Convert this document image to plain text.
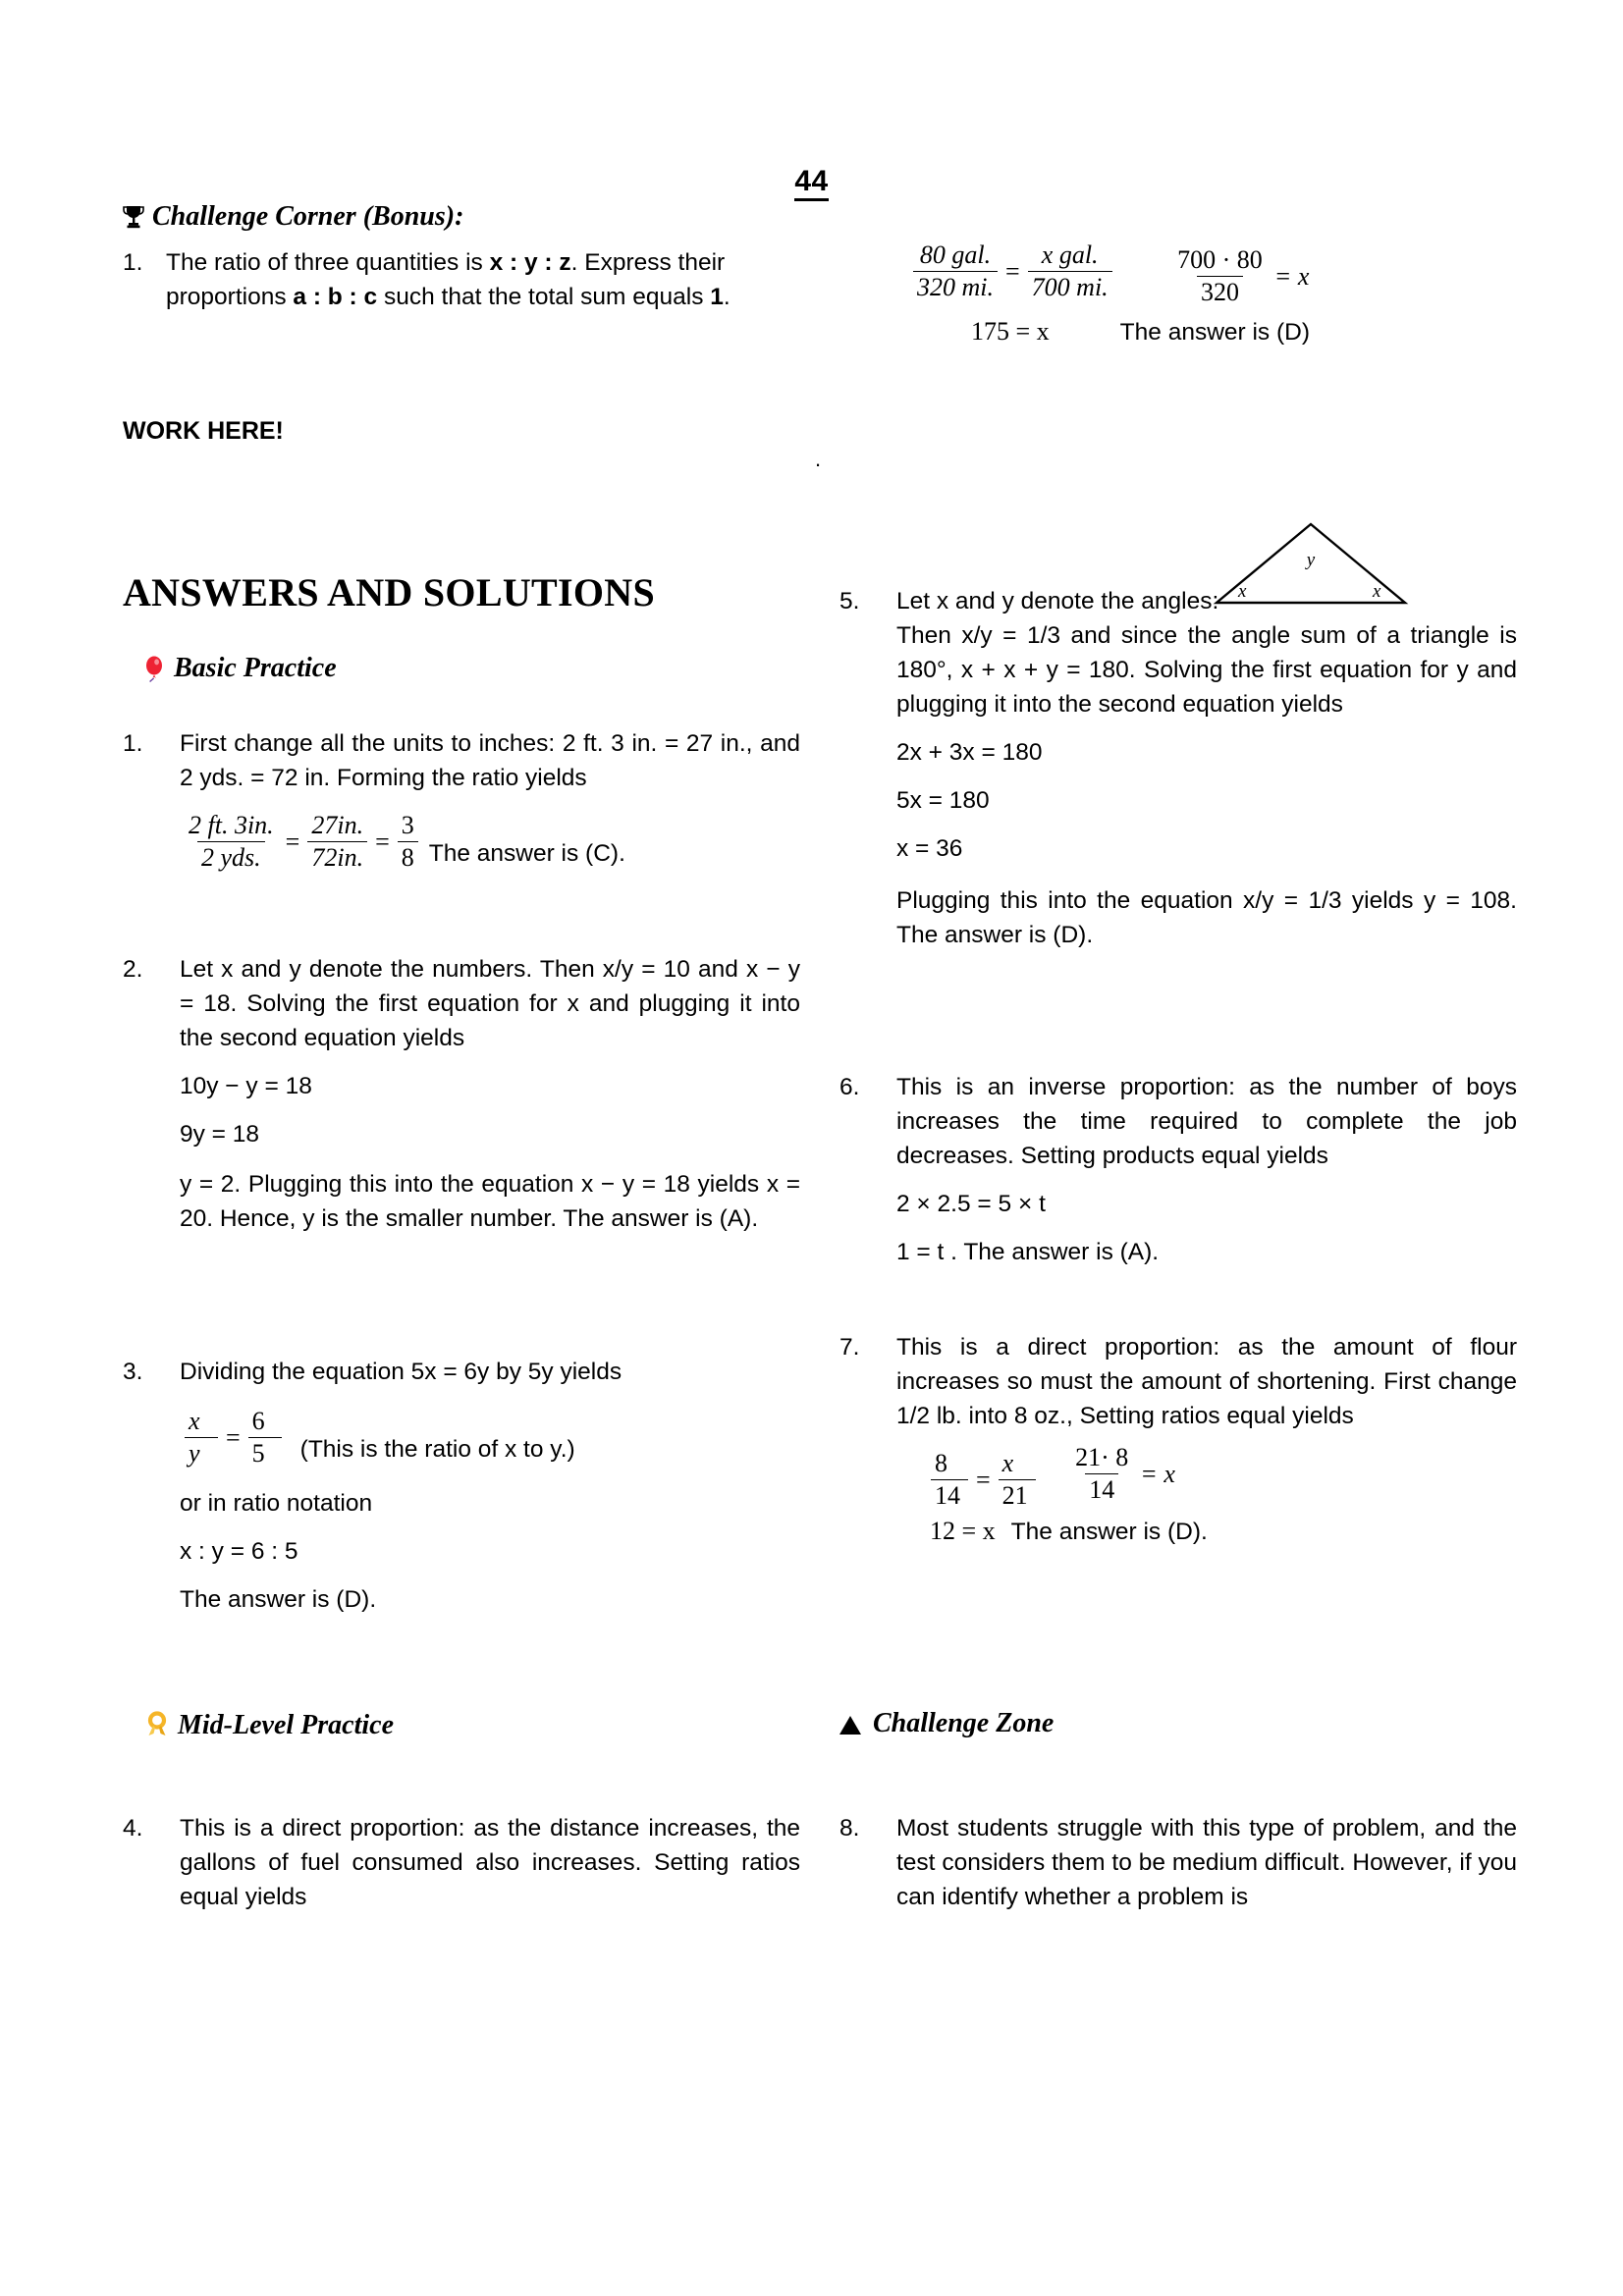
44
Challenge Corner (Bonus):
1. The ratio of three quantities is x : y : z. Express their proportions a : b : c such that the total sum equals 1.
WORK HERE!
ANSWERS AND SOLUTIONS
Basic Practice
1.	First change all the units to inches: 2 ft. 3 in. = 27 in., and 2 yds. = 72 in. Forming the ratio yields
$\frac{2 ft. 3in.}{\text{2 yds.}} = \frac{27in.}{72in.} = \frac{3}{8}$ The answer is (C).
2.	Let x and y denote the numbers. Then x/y = 10 and x − y = 18. Solving the first equation for x and plugging it into the second equation yields
10y − y = 18
9y = 18
y = 2. Plugging this into the equation x − y = 18 yields x = 20. Hence, y is the smaller number. The answer is (A).
3.	Dividing the equation 5x = 6y by 5y yields
$\frac{x}{y} = \frac{6}{5}$ (This is the ratio of x to y.)
or in ratio notation
x : y = 6 : 5
The answer is (D).
Mid-Level Practice
4.	This is a direct proportion: as the distance increases, the gallons of fuel consumed also increases. Setting ratios equal yields
$\frac{\text{80 gal.}}{320 mi.} = \frac{\text{x gal.}}{700 mi.}$
$\frac{700 \cdot 80}{320} = x$
175 = x	The answer is (D)
.
5.	Let x and y denote the angles:
Then x/y = 1/3 and since the angle sum of a triangle is 180°, x + x + y = 180. Solving the first equation for y and plugging it into the second equation yields
2x + 3x = 180
5x = 180
x = 36
Plugging this into the equation x/y = 1/3 yields y = 108. The answer is (D).
6.	This is an inverse proportion: as the number of boys increases the time required to complete the job decreases. Setting products equal yields
2 × 2.5 = 5 × t
1 = t . The answer is (A).
7.	This is a direct proportion: as the amount of flour increases so must the amount of shortening. First change 1/2 lb. into 8 oz., Setting ratios equal yields
$\frac{8}{14} = \frac{x}{21}$
$\frac{21\cdot 8}{14} = x$
12 = x The answer is (D).
Challenge Zone
8.	Most students struggle with this type of problem, and the test considers them to be medium difficult. However, if you can identify whether a problem is
y
x	x
